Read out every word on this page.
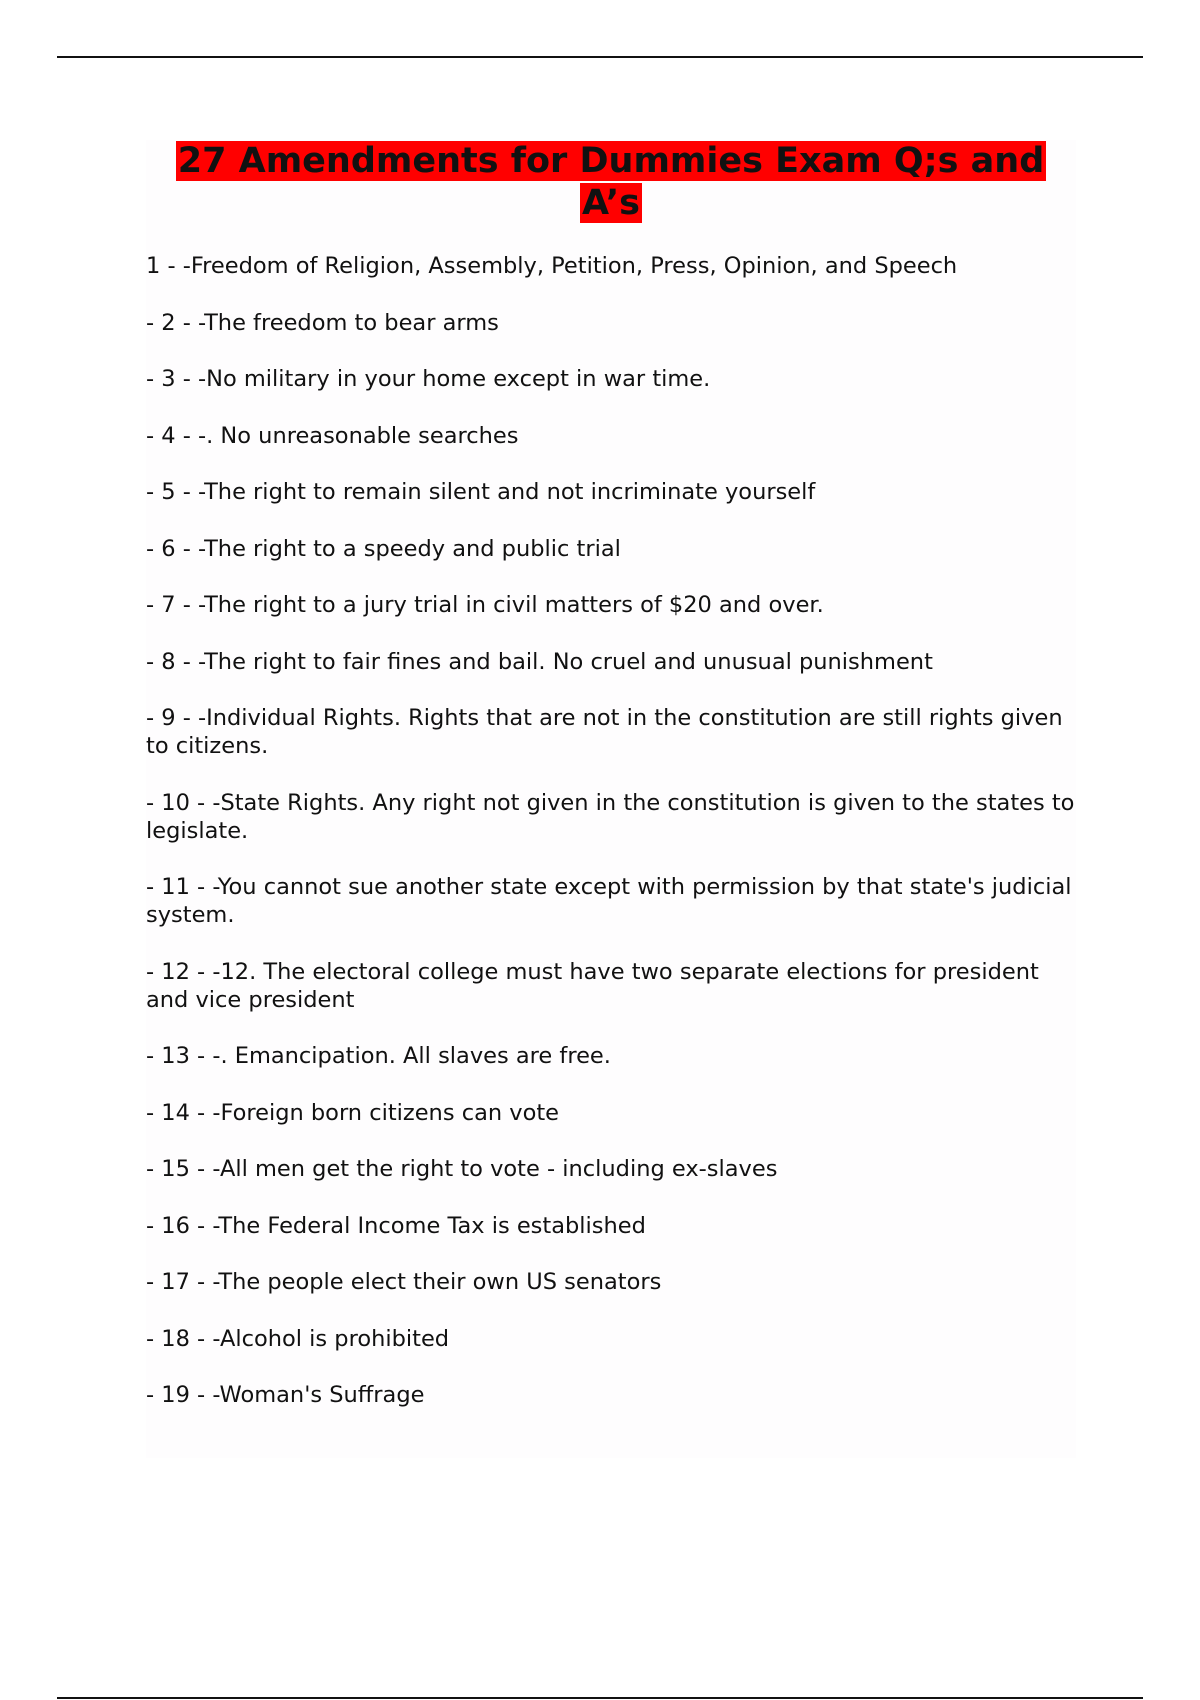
27 Amendments for Dummies Exam Q;s and A’s
1 - -Freedom of Religion, Assembly, Petition, Press, Opinion, and Speech
- 2 - -The freedom to bear arms
- 3 - -No military in your home except in war time.
- 4 - -. No unreasonable searches
- 5 - -The right to remain silent and not incriminate yourself
- 6 - -The right to a speedy and public trial
- 7 - -The right to a jury trial in civil matters of $20 and over.
- 8 - -The right to fair fines and bail. No cruel and unusual punishment
- 9 - -Individual Rights. Rights that are not in the constitution are still rights given to citizens.
- 10 - -State Rights. Any right not given in the constitution is given to the states to legislate.
- 11 - -You cannot sue another state except with permission by that state's judicial system.
- 12 - -12. The electoral college must have two separate elections for president and vice president
- 13 - -. Emancipation. All slaves are free.
- 14 - -Foreign born citizens can vote
- 15 - -All men get the right to vote - including ex-slaves
- 16 - -The Federal Income Tax is established
- 17 - -The people elect their own US senators
- 18 - -Alcohol is prohibited
- 19 - -Woman's Suffrage
